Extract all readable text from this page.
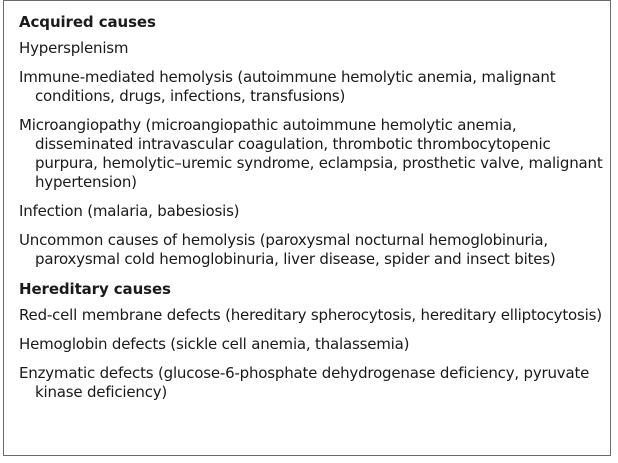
Acquired causes
Hypersplenism
Immune-mediated hemolysis (autoimmune hemolytic anemia, malignant conditions, drugs, infections, transfusions)
Microangiopathy (microangiopathic autoimmune hemolytic anemia, disseminated intravascular coagulation, thrombotic thrombocytopenic purpura, hemolytic–uremic syndrome, eclampsia, prosthetic valve, malignant hypertension)
Infection (malaria, babesiosis)
Uncommon causes of hemolysis (paroxysmal nocturnal hemoglobinuria, paroxysmal cold hemoglobinuria, liver disease, spider and insect bites)
Hereditary causes
Red-cell membrane defects (hereditary spherocytosis, hereditary elliptocytosis)
Hemoglobin defects (sickle cell anemia, thalassemia)
Enzymatic defects (glucose-6-phosphate dehydrogenase deficiency, pyruvate kinase deficiency)
